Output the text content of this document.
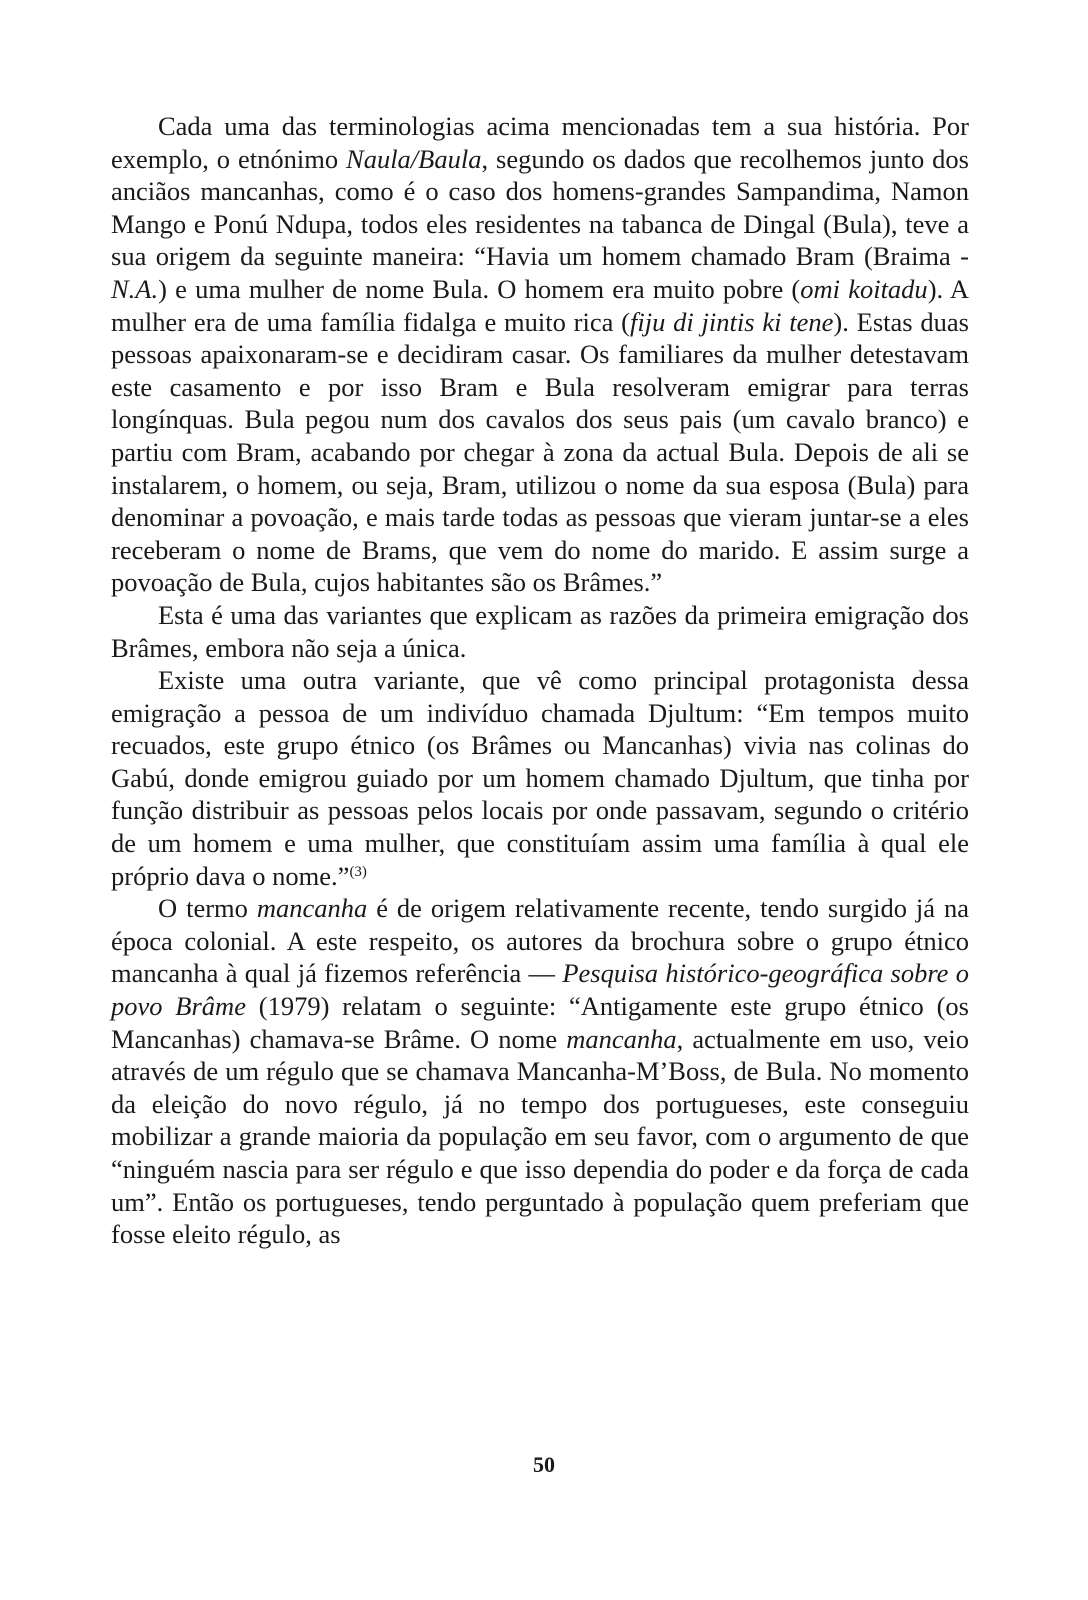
Cada uma das terminologias acima mencionadas tem a sua história. Por exemplo, o etnónimo Naula/Baula, segundo os dados que recolhemos junto dos anciãos mancanhas, como é o caso dos homens-grandes Sampandima, Namon Mango e Ponú Ndupa, todos eles residentes na tabanca de Dingal (Bula), teve a sua origem da seguinte maneira: “Havia um homem chamado Bram (Braima - N.A.) e uma mulher de nome Bula. O homem era muito pobre (omi koitadu). A mulher era de uma família fidalga e muito rica (fiju di jintis ki tene). Estas duas pessoas apaixonaram-se e decidiram casar. Os familiares da mulher detestavam este casamento e por isso Bram e Bula resolveram emigrar para terras longínquas. Bula pegou num dos cavalos dos seus pais (um cavalo branco) e partiu com Bram, acabando por chegar à zona da actual Bula. Depois de ali se instalarem, o homem, ou seja, Bram, utilizou o nome da sua esposa (Bula) para denominar a povoação, e mais tarde todas as pessoas que vieram juntar-se a eles receberam o nome de Brams, que vem do nome do marido. E assim surge a povoação de Bula, cujos habitantes são os Brâmes.”

Esta é uma das variantes que explicam as razões da primeira emigração dos Brâmes, embora não seja a única.

Existe uma outra variante, que vê como principal protagonista dessa emigração a pessoa de um indivíduo chamada Djultum: “Em tempos muito recuados, este grupo étnico (os Brâmes ou Mancanhas) vivia nas colinas do Gabú, donde emigrou guiado por um homem chamado Djultum, que tinha por função distribuir as pessoas pelos locais por onde passavam, segundo o critério de um homem e uma mulher, que constituíam assim uma família à qual ele próprio dava o nome.”$^{(3)}$

O termo mancanha é de origem relativamente recente, tendo surgido já na época colonial. A este respeito, os autores da brochura sobre o grupo étnico mancanha à qual já fizemos referência — Pesquisa histórico-geográfica sobre o povo Brâme (1979) relatam o seguinte: “Antigamente este grupo étnico (os Mancanhas) chamava-se Brâme. O nome mancanha, actualmente em uso, veio através de um régulo que se chamava Mancanha-M’Boss, de Bula. No momento da eleição do novo régulo, já no tempo dos portugueses, este conseguiu mobilizar a grande maioria da população em seu favor, com o argumento de que “ninguém nascia para ser régulo e que isso dependia do poder e da força de cada um”. Então os portugueses, tendo perguntado à população quem preferiam que fosse eleito régulo, as

50
